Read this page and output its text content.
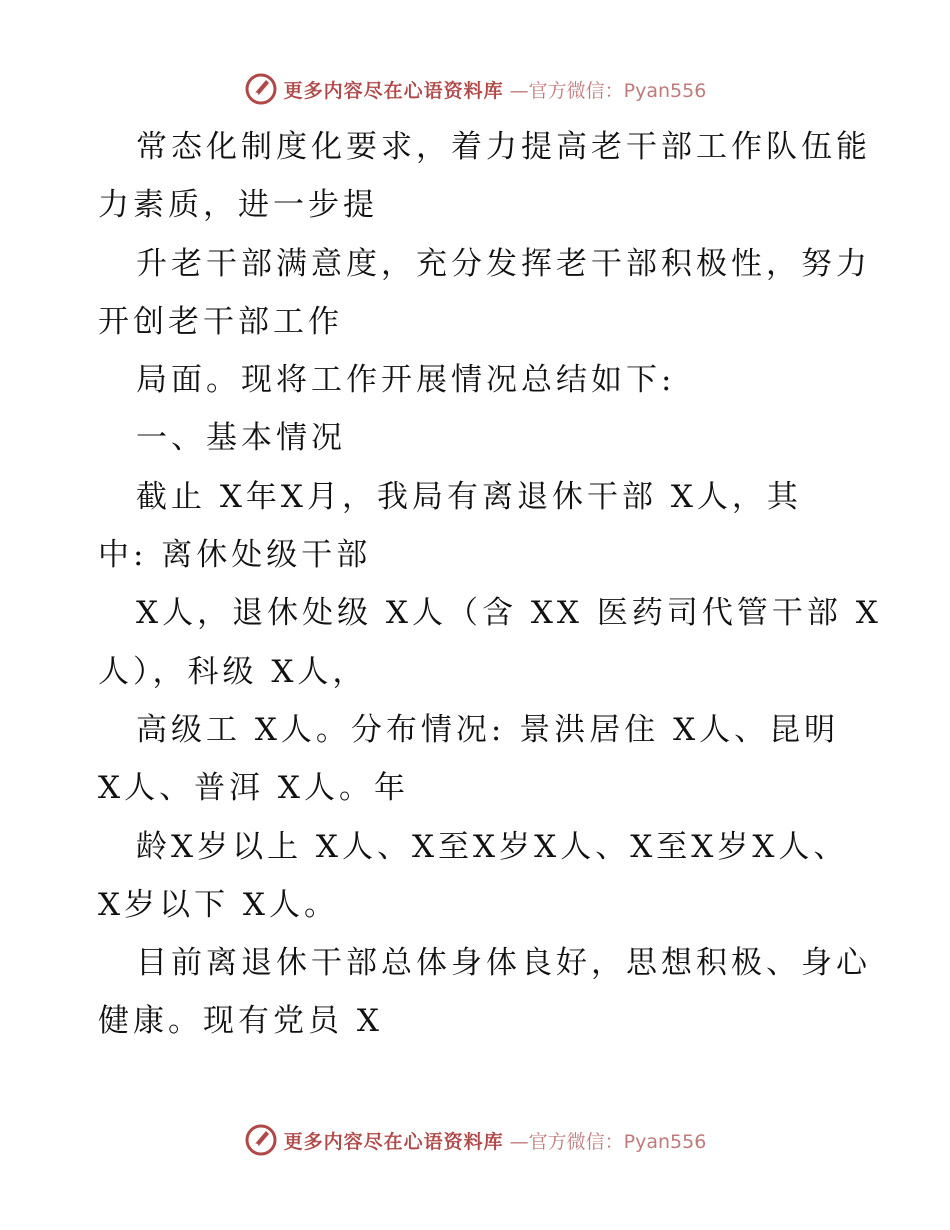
更多内容尽在心语资料库 —官方微信：Pyan556

常态化制度化要求，着力提高老干部工作队伍能

力素质，进一步提

升老干部满意度，充分发挥老干部积极性，努力

开创老干部工作

局面。现将工作开展情况总结如下:

一、基本情况

截止 X年X月，我局有离退休干部 X人，其

中: 离休处级干部

X人，退休处级 X人（含 XX 医药司代管干部 X

人），科级 X人，

高级工 X人。分布情况: 景洪居住 X人、昆明

X人、普洱 X人。年

龄X岁以上 X人、X至X岁X人、X至X岁X人、

X岁以下 X人。

目前离退休干部总体身体良好，思想积极、身心

健康。现有党员 X

更多内容尽在心语资料库 —官方微信：Pyan556
